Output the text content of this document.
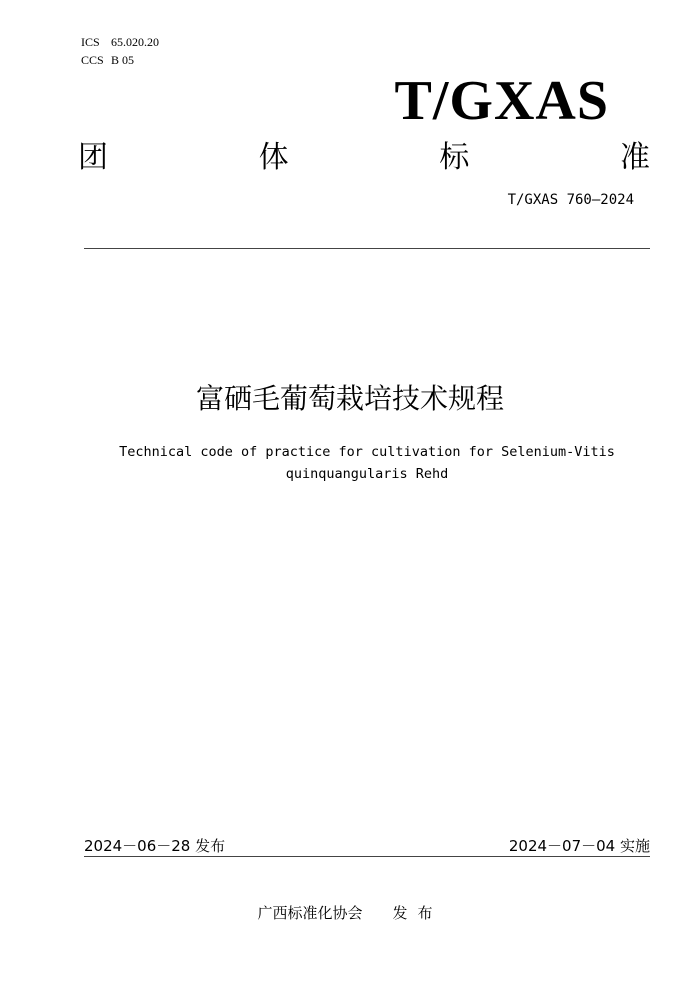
ICS 65.020.20
CCS B 05
T/GXAS
团	体	标	准
T/GXAS 760—2024
富硒毛葡萄栽培技术规程
Technical code of practice for cultivation for Selenium-Vitis
quinquangularis Rehd
2024－06－28 发布	2024－07－04 实施
广西标准化协会 发布
